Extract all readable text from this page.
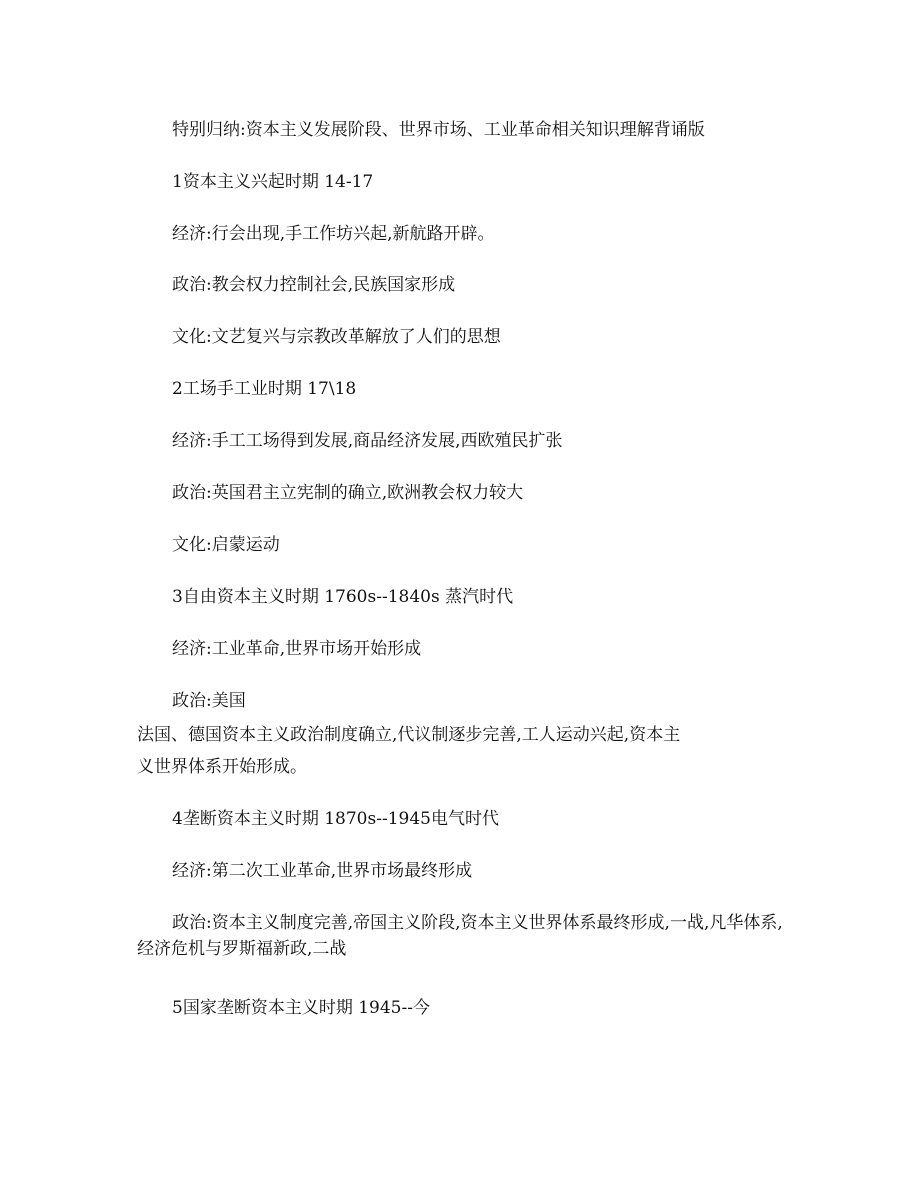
特别归纳:资本主义发展阶段、世界市场、工业革命相关知识理解背诵版
1资本主义兴起时期 14-17
经济:行会出现,手工作坊兴起,新航路开辟。
政治:教会权力控制社会,民族国家形成
文化:文艺复兴与宗教改革解放了人们的思想
2工场手工业时期 17\18
经济:手工工场得到发展,商品经济发展,西欧殖民扩张
政治:英国君主立宪制的确立,欧洲教会权力较大
文化:启蒙运动
3自由资本主义时期 1760s--1840s 蒸汽时代
经济:工业革命,世界市场开始形成
政治:美国
法国、德国资本主义政治制度确立,代议制逐步完善,工人运动兴起,资本主
义世界体系开始形成。
4垄断资本主义时期 1870s--1945电气时代
经济:第二次工业革命,世界市场最终形成
政治:资本主义制度完善,帝国主义阶段,资本主义世界体系最终形成,一战,凡华体系, 经济危机与罗斯福新政,二战
5国家垄断资本主义时期 1945--今
